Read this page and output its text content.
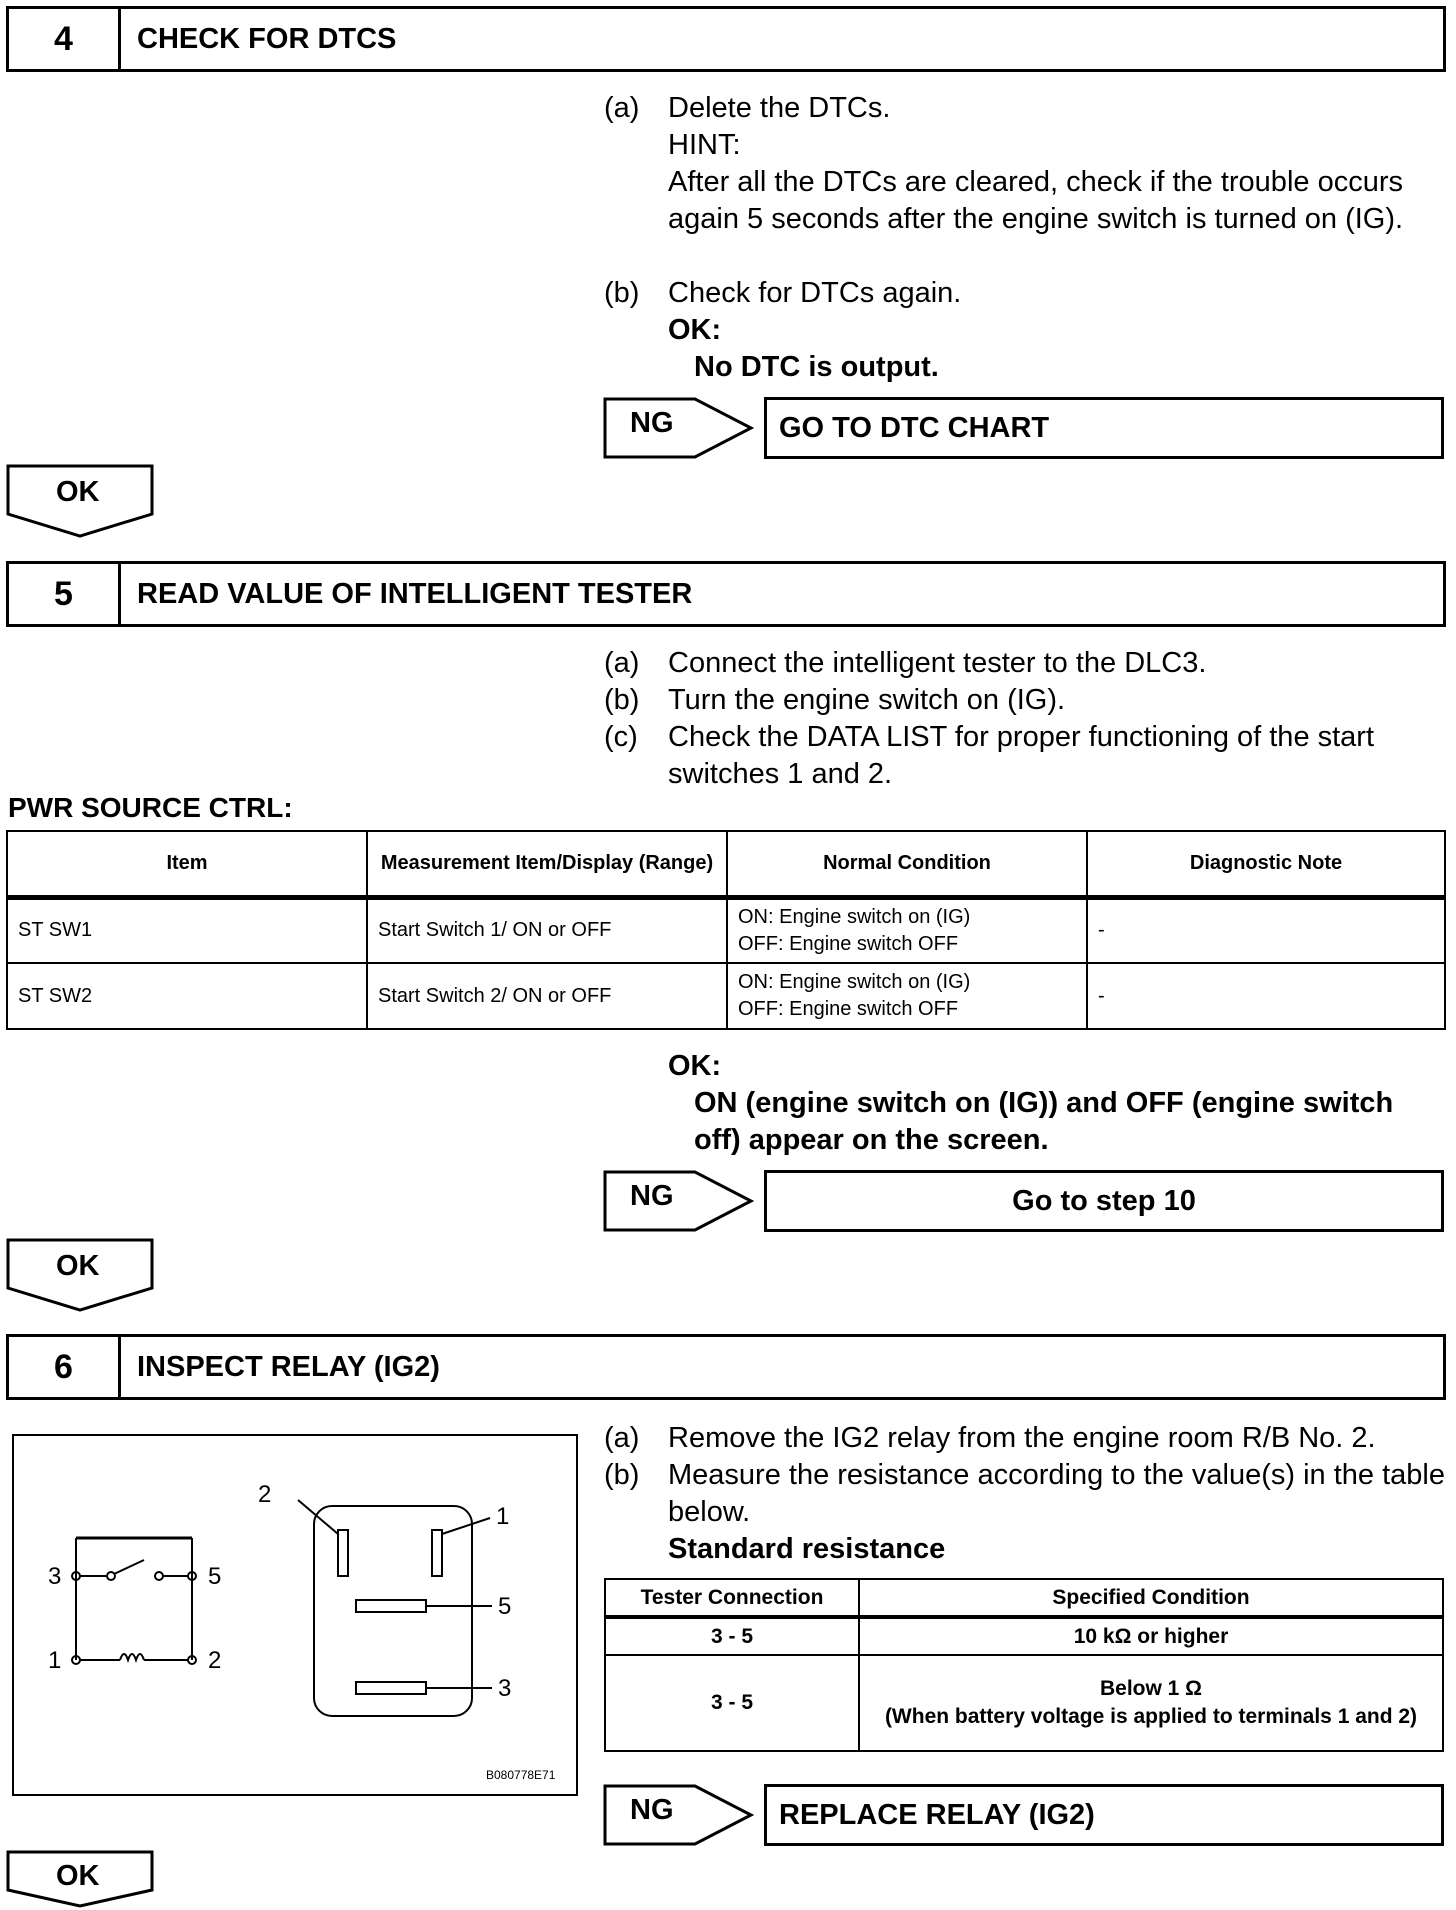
4	CHECK FOR DTCS
(a) Delete the DTCs.
HINT:
After all the DTCs are cleared, check if the trouble occurs again 5 seconds after the engine switch is turned on (IG).
(b) Check for DTCs again.
OK:
No DTC is output.
NG	GO TO DTC CHART
OK
5	READ VALUE OF INTELLIGENT TESTER
(a) Connect the intelligent tester to the DLC3.
(b) Turn the engine switch on (IG).
(c) Check the DATA LIST for proper functioning of the start switches 1 and 2.
PWR SOURCE CTRL:
Item	Measurement Item/Display (Range)	Normal Condition	Diagnostic Note
ST SW1	Start Switch 1/ ON or OFF	ON: Engine switch on (IG)
OFF: Engine switch OFF	-
ST SW2	Start Switch 2/ ON or OFF	ON: Engine switch on (IG)
OFF: Engine switch OFF	-
OK:
ON (engine switch on (IG)) and OFF (engine switch off) appear on the screen.
NG	Go to step 10
OK
6	INSPECT RELAY (IG2)
3	5
1	2
2
1
5
3
B080778E71
(a) Remove the IG2 relay from the engine room R/B No. 2.
(b) Measure the resistance according to the value(s) in the table below.
Standard resistance
Tester Connection	Specified Condition
3 - 5	10 kΩ or higher
3 - 5	Below 1 Ω
(When battery voltage is applied to terminals 1 and 2)
NG	REPLACE RELAY (IG2)
OK
